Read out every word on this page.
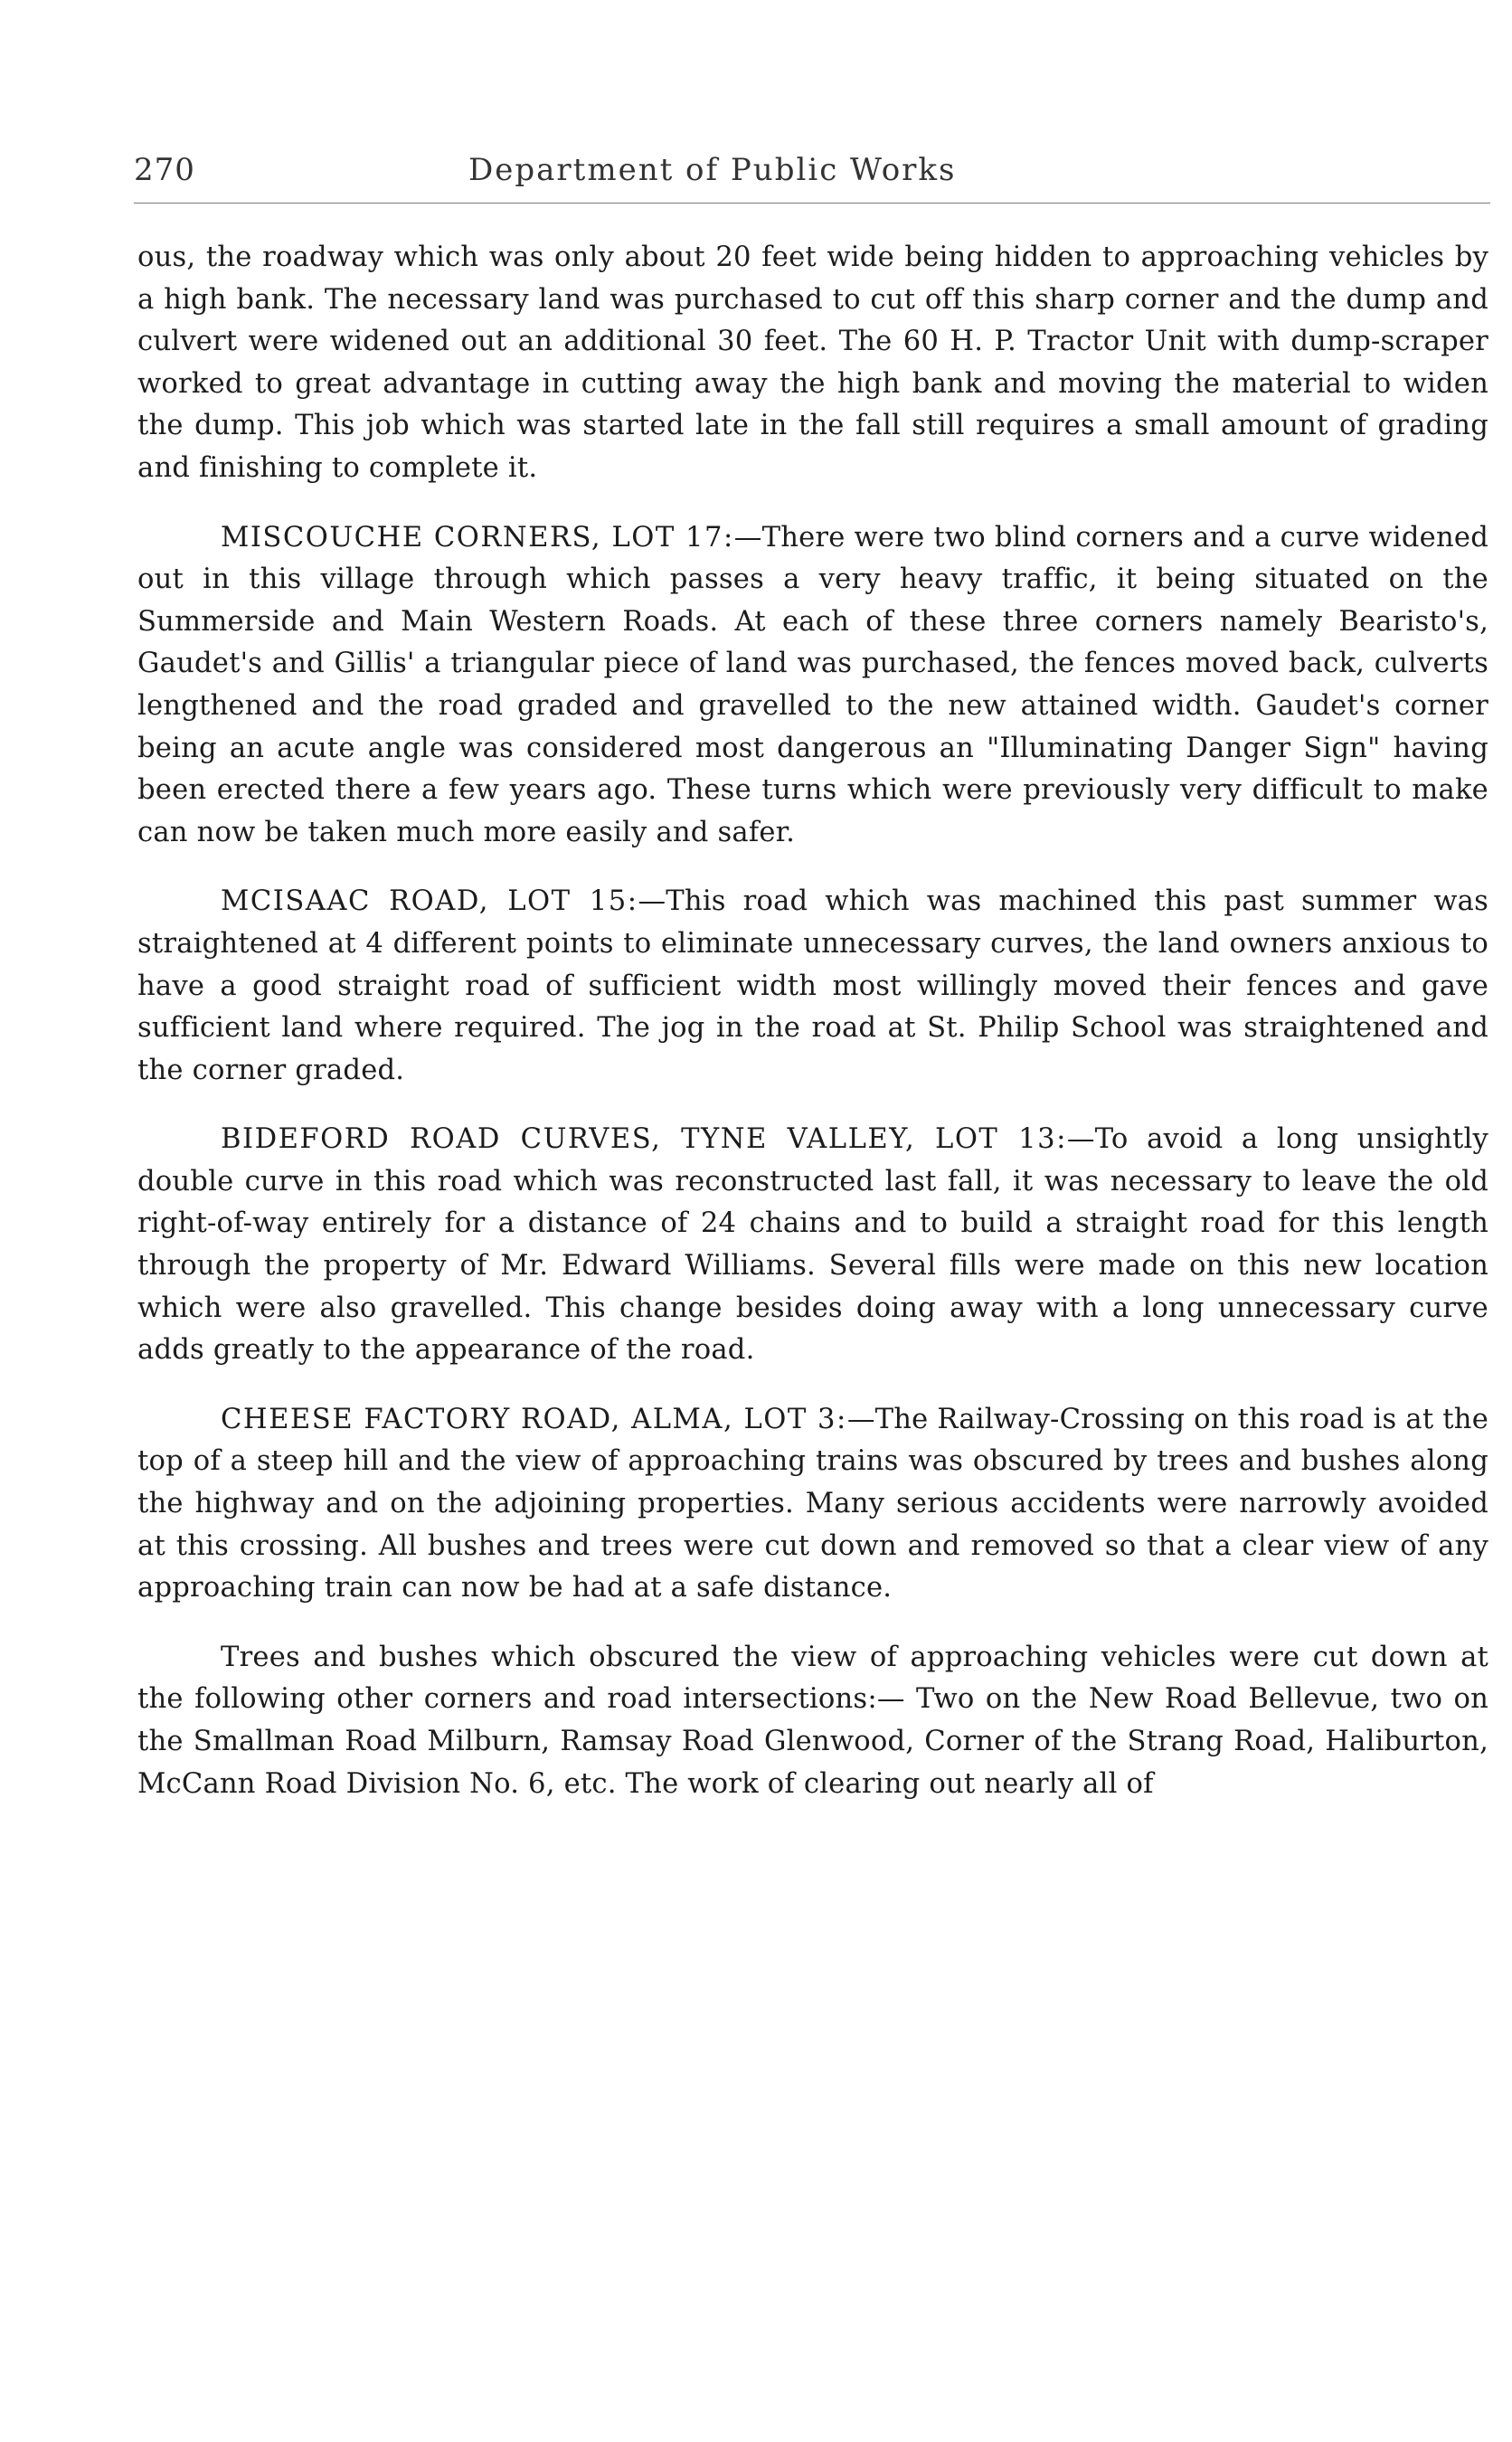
270	Department of Public Works

ous, the roadway which was only about 20 feet wide being hidden to approaching vehicles by a high bank. The necessary land was purchased to cut off this sharp corner and the dump and culvert were widened out an additional 30 feet. The 60 H. P. Tractor Unit with dump-scraper worked to great advantage in cutting away the high bank and moving the material to widen the dump. This job which was started late in the fall still requires a small amount of grading and finishing to complete it.

MISCOUCHE CORNERS, LOT 17:—There were two blind corners and a curve widened out in this village through which passes a very heavy traffic, it being situated on the Summerside and Main Western Roads. At each of these three corners namely Bearisto's, Gaudet's and Gillis' a triangular piece of land was purchased, the fences moved back, culverts lengthened and the road graded and gravelled to the new attained width. Gaudet's corner being an acute angle was considered most dangerous an "Illuminating Danger Sign" having been erected there a few years ago. These turns which were previously very difficult to make can now be taken much more easily and safer.

MCISAAC ROAD, LOT 15:—This road which was machined this past summer was straightened at 4 different points to eliminate unnecessary curves, the land owners anxious to have a good straight road of sufficient width most willingly moved their fences and gave sufficient land where required. The jog in the road at St. Philip School was straightened and the corner graded.

BIDEFORD ROAD CURVES, TYNE VALLEY, LOT 13:—To avoid a long unsightly double curve in this road which was reconstructed last fall, it was necessary to leave the old right-of-way entirely for a distance of 24 chains and to build a straight road for this length through the property of Mr. Edward Williams. Several fills were made on this new location which were also gravelled. This change besides doing away with a long unnecessary curve adds greatly to the appearance of the road.

CHEESE FACTORY ROAD, ALMA, LOT 3:—The Railway-Crossing on this road is at the top of a steep hill and the view of approaching trains was obscured by trees and bushes along the highway and on the adjoining properties. Many serious accidents were narrowly avoided at this crossing. All bushes and trees were cut down and removed so that a clear view of any approaching train can now be had at a safe distance.

Trees and bushes which obscured the view of approaching vehicles were cut down at the following other corners and road intersections:— Two on the New Road Bellevue, two on the Smallman Road Milburn, Ramsay Road Glenwood, Corner of the Strang Road, Haliburton, McCann Road Division No. 6, etc. The work of clearing out nearly all of
